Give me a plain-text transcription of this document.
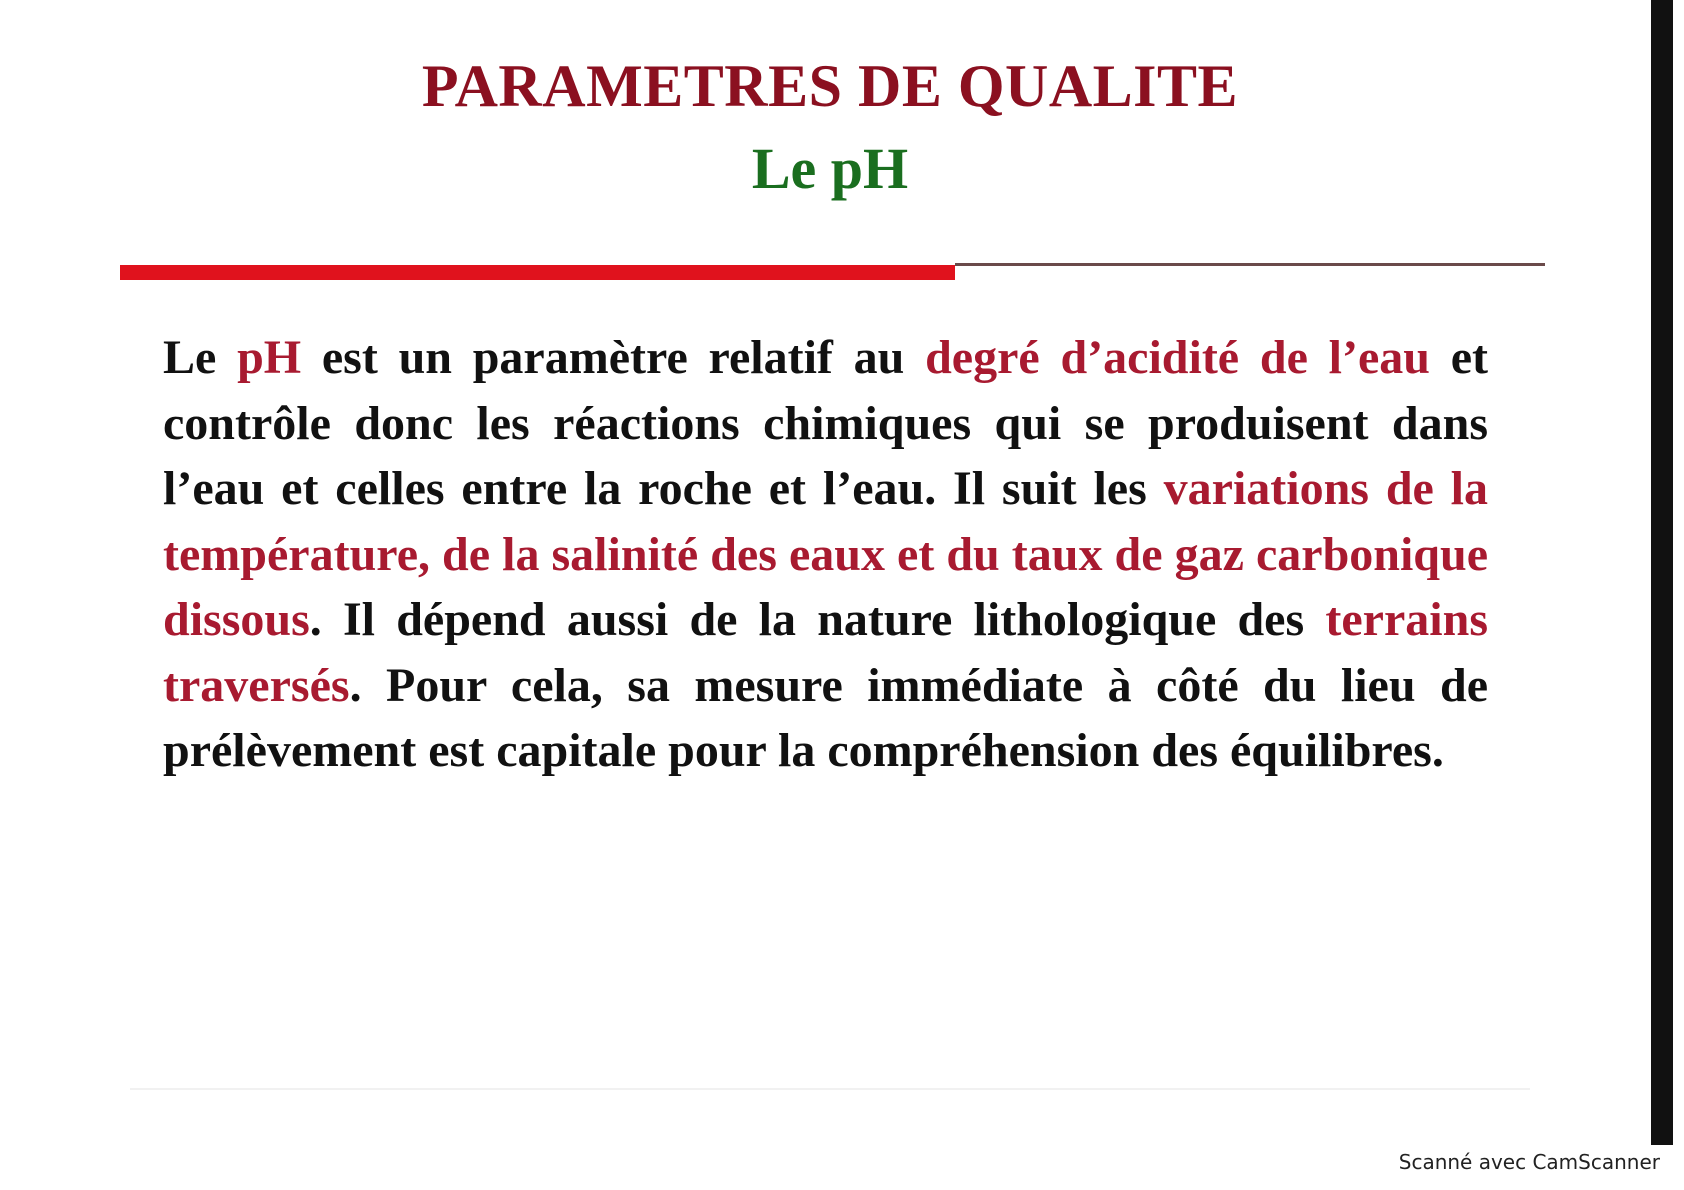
PARAMETRES DE QUALITE
Le pH

Le pH est un paramètre relatif au degré d’acidité de l’eau et contrôle donc les réactions chimiques qui se produisent dans l’eau et celles entre la roche et l’eau. Il suit les variations de la température, de la salinité des eaux et du taux de gaz carbonique dissous. Il dépend aussi de la nature lithologique des terrains traversés. Pour cela, sa mesure immédiate à côté du lieu de prélèvement est capitale pour la compréhension des équilibres.

Scanné avec CamScanner
